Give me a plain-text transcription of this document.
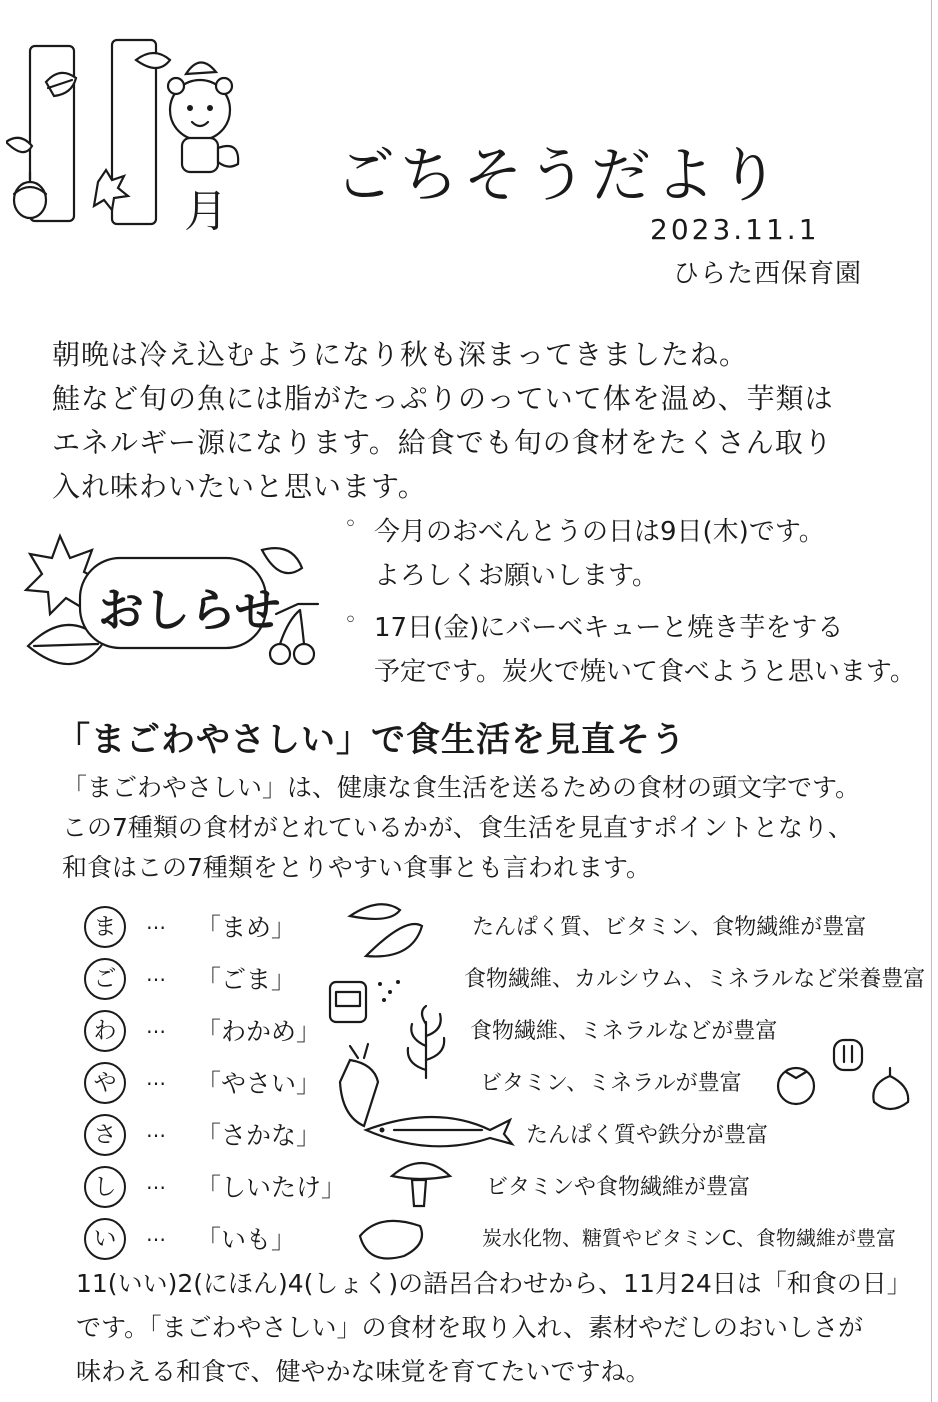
月
ごちそうだより
2023.11.1
ひらた西保育園

朝晩は冷え込むようになり秋も深まってきましたね。

鮭など旬の魚には脂がたっぷりのっていて体を温め、芋類は

エネルギー源になります。給食でも旬の食材をたくさん取り

入れ味わいたいと思います。

おしらせ
◦ 今月のおべんとうの日は9日(木)です。

よろしくお願いします。

◦ 17日(金)にバーベキューと焼き芋をする

予定です。炭火で焼いて食べようと思います。

「まごわやさしい」で食生活を見直そう

「まごわやさしい」は、健康な食生活を送るための食材の頭文字です。

この7種類の食材がとれているかが、食生活を見直すポイントとなり、

和食はこの7種類をとりやすい食事とも言われます。

ま	… 「まめ」	たんぱく質、ビタミン、食物繊維が豊富
ご	… 「ごま」	食物繊維、カルシウム、ミネラルなど栄養豊富
わ	… 「わかめ」	食物繊維、ミネラルなどが豊富
や	… 「やさい」	ビタミン、ミネラルが豊富
さ	… 「さかな」	たんぱく質や鉄分が豊富
し	… 「しいたけ」	ビタミンや食物繊維が豊富
い	… 「いも」	炭水化物、糖質やビタミンC、食物繊維が豊富

11(いい)2(にほん)4(しょく)の語呂合わせから、11月24日は「和食の日」

です。「まごわやさしい」の食材を取り入れ、素材やだしのおいしさが

味わえる和食で、健やかな味覚を育てたいですね。
